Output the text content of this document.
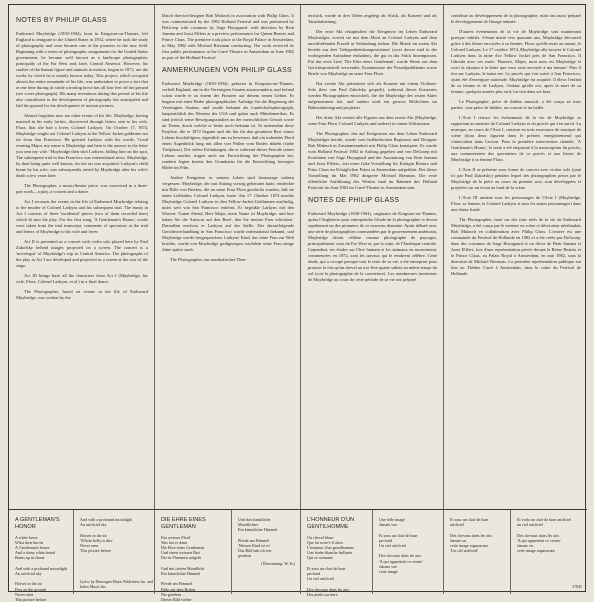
NOTES BY PHILIP GLASS

Eadweard Muybridge (1830-1904), born in Kingston-on-Thames, left England to emigrate to the United States in 1852, where he took the study of photography and soon became one of the pioneers in the new field. Beginning with a series of photographic assignments for the United States government, he became well known as a landscape photographer, principally of the Far West and, later, Central America. However, his studies of the human figure and animals in motion, begun in 1872, are the works by which he is mainly known today. This project, which occupied almost the entire remainder of his life, was undertaken to prove a fact that at one time during its stride a trotting horse has all four feet off the ground (see cover photograph). His many inventions during this period of his life also contributed to the development of photography but anticipated and laid the ground for the development of motion pictures.

Almost forgotten now are other events of his life. Muybridge, having married in his early forties, discovered through letters sent to his wife, Flora, that she had a lover, Colonel Larkyns. On October 17, 1874, Muybridge sought out Colonel Larkyns at the Yellow Jacket goldmine not far from San Francisco. He greeted Larkyns with the words, 'Good evening Major, my name is Muybridge and here is the answer to the letter you sent my wife.' Muybridge then shot Larkyns, killing him on the spot. The subsequent trial in San Francisco was international news. Muybridge, by then being quite well known, for the act was acquitted. Larkyns's child borne by his wife, was subsequently raised by Muybridge after his wife's death a few years later.

The Photographer, a music/theater piece, was conceived in a three-part work—a play, a concert and a dance.

Act I recounts the events in the life of Eadweard Muybridge relating to the murder of Colonel Larkyns and his subsequent trial. The music in Act I consists of three 'incidental' pieces (two of them recorded here) which fit into the play. For the first song, 'A Gentleman's Honor,' words were taken from the trial transcript, comments of spectators at the trial and letters of Muybridge to his wife and lover.

Act II is presented as a concert with violin solo played here by Paul Zukofsky behind images projected on a screen. The concert is a 'travelogue' of Muybridge's trip to Central America. The photographs of the play in Act I are developed and projected as a screen at the rear of the stage.

Act III brings back all the characters from Act I (Muybridge, his wife, Flora, Colonel Larkyns, et al.) in a final dance.

The Photographer, based on events in the life of Eadweard Muybridge, was written by the

Dutch director/designer Rob Malasch in association with Philip Glass. It was commissioned by the 1982 Holland Festival and was performed by DeGroep with costumes by Aage Hoyagaard. with direction by Rein Jansma and Joost Elffers at a preview performance for Queen Beatrix and Prince Claus. The premiere took place at the Royal Palace in Amsterdam, in May 1982 with Michael Riesman conducting. The work received its first public performance at the Carré Theatre in Amsterdam in June 1982 as part of the Holland Festival.

ANMERKUNGEN VON PHILIP GLASS

Eadweard Muybridge (1830-1904), geboren in Kingston-on-Thames, verließ England, um in die Vereinigten Staaten auszuwandern, und befand schon wurde er zu einem der Pioniere auf diesem neuen Gebiet. Er begann mit einer Reihe photographischer Aufträge für die Regierung der Vereinigten Staaten, und wurde bekannt als Landschaftsphotograph, hauptsächlich des Westens der USA und später auch Mittelamerikas. Es sind jedoch seine Bewegungsstudien an der menschlichen Gestalt sowie an Tieren, durch welche er heute noch bekannt ist. Er unternahm diese Projekte, die er 1872 begann und die ihn für den gesamten Rest seines Lebens beschäftigten, eigentlich um zu beweisen, daß ein trabendes Pferd einen Augenblick lang mit allen vier Füßen vom Boden abhebt (siehe Titelphoto). Die vielen Erfindungen, die er während dieser Periode seines Lebens machte, trugen auch zur Entwicklung der Photographie bei, sondern legten bereits den Grundstein für die Entwicklung bewegter Bilder im Film.

Andere Ereignisse in seinem Leben sind heutzutage nahezu vergessen. Muybridge, der mit Anfang vierzig geheiratet hatte, entdeckte mit Hilfe von Briefen, die an seine Frau Flora geschickt wurden, daß sie einen Liebhaber, Colonel Larkyns, hatte. Am 17. Oktober 1874 machte Muybridge Colonel Larkyns in den Yellow-Jacket-Goldminen ausfindig, nicht weit von San Francisco entfernt. Er begrüßte Larkyns mit den Worten: 'Guten Abend, Herr Major, mein Name ist Muybridge, und hier haben Sie die Antwort auf den Brief, den Sie meiner Frau schickten.' Daraufhin erschoss er Larkyns auf der Stelle. Der darauffolgende Gerichtsverhandlung in San Francisco wurde international bekannt, und Muybridge wurde freigesprochen. Larkyns' Kind, das seine Frau zur Welt brachte, wurde von Muybridge großgezogen, nachdem seine Frau einige Jahre später starb.

The Photographer, ein musikalisches Thea-

terstück, wurde in drei Teilen angelegt als Stück, als Konzert und als Tanzdarbietung.

Der erste Akt rekapituliert die Ereignisse im Leben Eadweard Muybridges, soweit sie mit dem Mord an Colonel Larkyns und dem anschließenden Prozeß in Verbindung stehen. Die Musik im ersten Akt besteht aus drei 'Gelegenheitskompositionen' (zwei davon sind in der vorliegenden Aufnahme enthalten), die gut in das Stück hineinpassen. Für das erste Lied, 'Die Ehre eines Gentleman', wurde Worte aus dem Gerichtsprotokoll verwendet, Kommentare der Prozeßpublikums sowie Briefe von Muybridge an seine Frau Flora.

Der zweite Akt präsentiert sich als Konzert mit einem Violinen-Solo (hier von Paul Zukofsky gespielt), während dieses Konzertes werden Photographien entwickelt, die der Muybridge des ersten Aktes aufgenommen hat, und zudem wird ein grosses Bildschirm im Bühnenhintergrund projiziert.

Der dritte Akt vereint alle Figuren aus dem ersten Akt (Muybridge, seine Frau Flora, Colonel Larkyns und andere) in einem Schlusstanz.

The Photographer, das auf Ereignissen aus dem Leben Eadweard Muybridges beruht, wurde vom holländischen Regisseur und Designer Rob Malasch in Zusammenarbeit mit Philip Glass konzipiert. Es wurde vom Holland Festival 1982 in Auftrag gegeben und von DeGroep mit Kostümen von Aage Hoyagaard und der Ausstattung von Rein Jansma und Joost Elffers—bei einer Gala-Vorstellung für Königin Beatrix und Prinz Claus im Königlichen Palast in Amsterdam aufgeführt. Bei dieser Vorstellung im Mai 1982 dirigierte Michael Riesman. Die erste öffentliche Aufführung des Werkes fand im Rahmen des Holland Festivals im Juni 1982 im Carré-Theater in Amsterdam statt.

NOTES DE PHILIP GLASS

Eadweard Muybridge (1830-1904), originaire de Kingston-on-Thames, quitta l'Angleterre pour entreprendre l'étude de la photographie et devint rapidement un des pionniers de ce nouveau domaine. Ayant débuté avec une série de photographies commandées par le gouvernement américain, Muybridge devint célèbre comme photographe de paysages, principalement ceux du Far West et, par la suite, de l'Amérique centrale. Cependant, ses études sur l'être humain et les animaux en mouvement, commencées en 1872, sont les travaux qui le rendirent célèbre. Cette étude, qui a occupé presque tout le reste de sa vie, a été entreprise pour prouver le fait qu'un cheval au trot lève quatre sabots en même temps du sol (voir la photographie de la couverture). Les nombreuses inventions de Muybridge au cours de cette période de sa vie ont préparé

contribué au développement de la photographie, mais ont aussi préparé le développement de l'image animée.

D'autres événements de la vie de Muybridge sont maintenant presque oubliés. S'étant marié vers quarante ans, Muybridge découvrit grâce à des lettres envoyées à sa femme, Flora, qu'elle avait un amant, le Colonel Larkyns. Le 17 octobre 1874, Muybridge alla trouver le Colonel Larkyns dans la mine d'or Yellow Jacket près de San Francisco. Il l'aborda avec ces mots: 'Bonsoir, Major, mon nom est Muybridge et voici la réponse à la lettre que vous avez envoyée à ma femme.' Puis il tira sur Larkyns, le tuant net. Le procès qui s'en suivit à San Francisco, ayant été d'envergure nationale. Muybridge fut acquitté. Il éleva l'enfant de sa femme et de Larkyns, l'enfant qu'elle eut, après la mort de sa femme, quelques années plus tard, lui vint dans ses bras.

Le Photographe, pièce de théâtre musical, a été conçu en trois parties : une pièce de théâtre, un concert et un ballet.

L'Acte I retrace les événements de la vie de Muybridge se rapportant au meurtre du Colonel Larkyns et du procès qui s'en suivit. La musique, au cours de l'Acte I, consiste en trois morceaux de musique de scène (dont deux figurent dans le présent enregistrement) qui s'intercalent dans l'action. Pour la première intervention chantée, 'A Gentleman's Honor', le texte a été emprunté à la transcription du procès, aux commentaires des spectateurs de ce procès et aux lettres de Muybridge à sa femme Flora.

L'Acte II se présente sous forme de concert avec violon solo (joué ici par Paul Zukofsky) pendant lequel des photographies prises par le Muybridge de la pièce au cours du premier acte, sont développées et projetées sur un écran au fond de la scène.

L'Acte III ramène tous les personnages de l'Acte I (Muybridge, Flora, sa femme, le Colonel Larkyns et tous les autres personnages) dans une danse finale.

The Photographer, basé sur des faits réels de la vie de Eadweard Muybridge, a été conçu par le metteur en scène et décorateur néerlandais Rob Malasch en collaboration avec Philip Glass. L'oeuvre est une commande du Festival de Hollande en 1982 et a été créée par DeGroep, dans des costumes de Aage Hoyagaard et un décor de Rein Jansma et Joost Elffers, lors d'une représentation privée devant la Reine Beatrix et le Prince Claus, au Palais Royal à Amsterdam, en mai 1982, sous la direction de Michael Riesman. La première représentation publique eut lieu au Théâtre Carré à Amsterdam, dans le cadre du Festival de Hollande.

A GENTLEMAN'S HONOR
A white horse
What then has he
A Gentleman's honor
And a shiny white beard
Burns up in flame

And with a profound moonlight
An artificial sky

Horses in the air
Feet on the ground
Never seen
This picture before
And with a profound moonlight
An artificial sky

Horses in the air
'Whose belly is this'
Never seen
This picture before
Lyrics by Dunvagen Music Publishers Inc. and Index Music Inc.
DIE EHRE EINES GENTLEMAN
Ein weisses Pferd
Was hat er dann
Die Ehre eines Gentleman
Und einen weissen Bart
Der in Flammen aufgeht

Und mit tiefem Mondlicht
Ein künstlicher Himmel

Pferde am Himmel
Füße auf dem Boden
Nie gesehen
Dieses Bild vorher
Und das künstlicher
Mondlichter
Ein künstlicher Himmel

Pferde am Himmel
'Wessen Kind ist es'
Das Bild hab ich nie
gesehen
(Übersetzung: W. St.)
L'HONNEUR D'UN GENTILHOMME
Un cheval blanc
Que lui reste-t-il alors
L'honneur d'un gentilhomme
Une barbe blanche brillante
Qui se consume

Et sous un clair de lune
profond
Un ciel artificiel

Des chevaux dans les airs
Des pieds sur terre
Une telle image
Jamais vue

Et sous un clair de lune
profond
Un ciel artificiel

Des chevaux dans les airs
'A qui appartient ce ventre'
Jamais vue
cette image
Et sous un clair de lune
artificiel

Des chevaux dans les airs
Jamais vu
cette image auparavant
'Un ciel artificiel'
Et voila un clair de lune artificiel
un ciel artificiel

Des chevaux dans les airs
'A qui appartient ce ventre'
Jamais vu
cette image auparavant
37845
